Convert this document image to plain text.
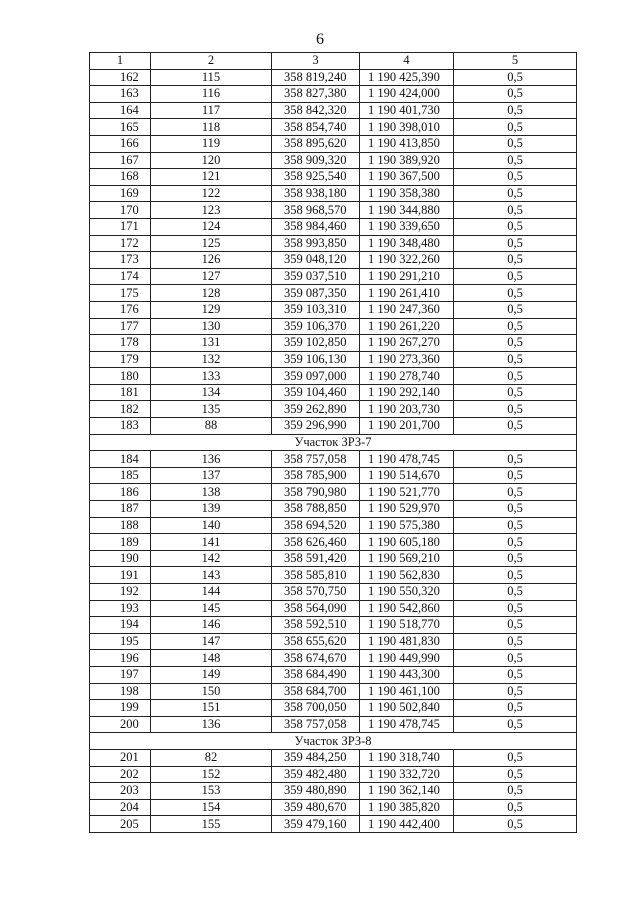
6
1	2	3	4	5
162	115	358 819,240	1 190 425,390	0,5
163	116	358 827,380	1 190 424,000	0,5
164	117	358 842,320	1 190 401,730	0,5
165	118	358 854,740	1 190 398,010	0,5
166	119	358 895,620	1 190 413,850	0,5
167	120	358 909,320	1 190 389,920	0,5
168	121	358 925,540	1 190 367,500	0,5
169	122	358 938,180	1 190 358,380	0,5
170	123	358 968,570	1 190 344,880	0,5
171	124	358 984,460	1 190 339,650	0,5
172	125	358 993,850	1 190 348,480	0,5
173	126	359 048,120	1 190 322,260	0,5
174	127	359 037,510	1 190 291,210	0,5
175	128	359 087,350	1 190 261,410	0,5
176	129	359 103,310	1 190 247,360	0,5
177	130	359 106,370	1 190 261,220	0,5
178	131	359 102,850	1 190 267,270	0,5
179	132	359 106,130	1 190 273,360	0,5
180	133	359 097,000	1 190 278,740	0,5
181	134	359 104,460	1 190 292,140	0,5
182	135	359 262,890	1 190 203,730	0,5
183	88	359 296,990	1 190 201,700	0,5
Участок ЗРЗ-7				
184	136	358 757,058	1 190 478,745	0,5
185	137	358 785,900	1 190 514,670	0,5
186	138	358 790,980	1 190 521,770	0,5
187	139	358 788,850	1 190 529,970	0,5
188	140	358 694,520	1 190 575,380	0,5
189	141	358 626,460	1 190 605,180	0,5
190	142	358 591,420	1 190 569,210	0,5
191	143	358 585,810	1 190 562,830	0,5
192	144	358 570,750	1 190 550,320	0,5
193	145	358 564,090	1 190 542,860	0,5
194	146	358 592,510	1 190 518,770	0,5
195	147	358 655,620	1 190 481,830	0,5
196	148	358 674,670	1 190 449,990	0,5
197	149	358 684,490	1 190 443,300	0,5
198	150	358 684,700	1 190 461,100	0,5
199	151	358 700,050	1 190 502,840	0,5
200	136	358 757,058	1 190 478,745	0,5
Участок ЗРЗ-8				
201	82	359 484,250	1 190 318,740	0,5
202	152	359 482,480	1 190 332,720	0,5
203	153	359 480,890	1 190 362,140	0,5
204	154	359 480,670	1 190 385,820	0,5
205	155	359 479,160	1 190 442,400	0,5
